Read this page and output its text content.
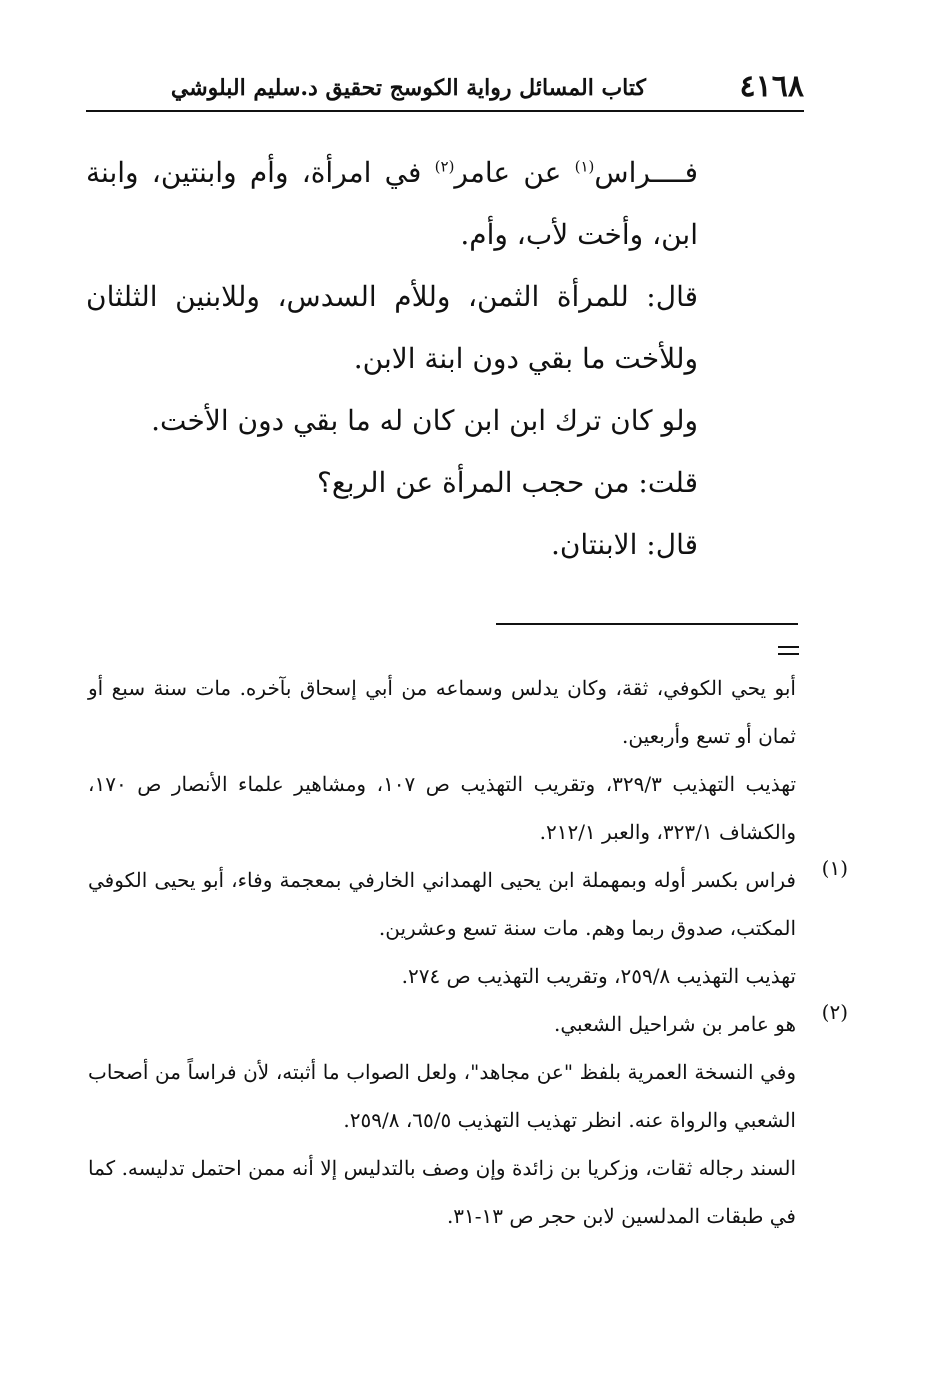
٤١٦٨
كتاب المسائل رواية الكوسج تحقيق د.سليم البلوشي

فــــراس$^{(١)}$ عن عامر$^{(٢)}$ في امرأة، وأم وابنتين، وابنة ابن، وأخت لأب، وأم.

قال: للمرأة الثمن، وللأم السدس، وللابنين الثلثان وللأخت ما بقي دون ابنة الابن.

ولو كان ترك ابن ابن كان له ما بقي دون الأخت.

قلت: من حجب المرأة عن الربع؟

قال: الابنتان.

أبو يحي الكوفي، ثقة، وكان يدلس وسماعه من أبي إسحاق بآخره. مات سنة سبع أو ثمان أو تسع وأربعين.

تهذيب التهذيب ٣٢٩/٣، وتقريب التهذيب ص ١٠٧، ومشاهير علماء الأنصار ص ١٧٠، والكشاف ٣٢٣/١، والعبر ٢١٢/١.

(١)

فراس بكسر أوله وبمهملة ابن يحيى الهمداني الخارفي بمعجمة وفاء، أبو يحيى الكوفي المكتب، صدوق ربما وهم. مات سنة تسع وعشرين.

تهذيب التهذيب ٢٥٩/٨، وتقريب التهذيب ص ٢٧٤.

(٢)

هو عامر بن شراحيل الشعبي.

وفي النسخة العمرية بلفظ "عن مجاهد"، ولعل الصواب ما أثبته، لأن فراساً من أصحاب الشعبي والرواة عنه. انظر تهذيب التهذيب ٦٥/٥، ٢٥٩/٨.

السند رجاله ثقات، وزكريا بن زائدة وإن وصف بالتدليس إلا أنه ممن احتمل تدليسه. كما في طبقات المدلسين لابن حجر ص ١٣-٣١.
